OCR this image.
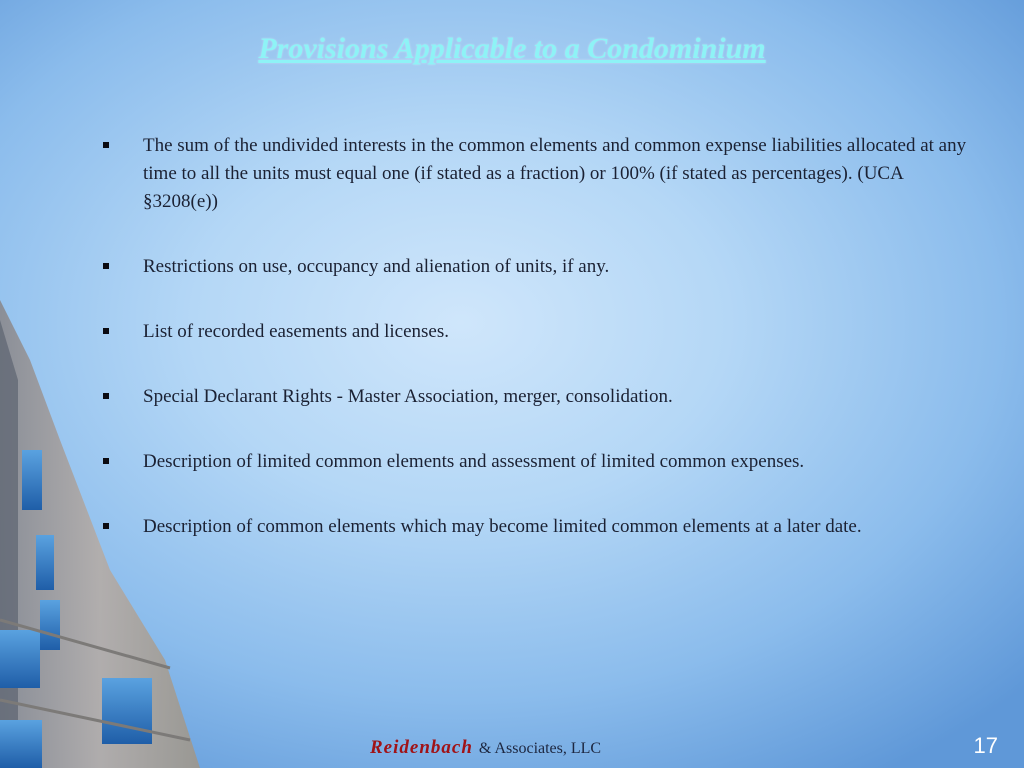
Provisions Applicable to a Condominium
The sum of the undivided interests in the common elements and common expense liabilities allocated at any time to all the units must equal one (if stated as a fraction) or 100% (if stated as percentages). (UCA §3208(e))
Restrictions on use, occupancy and alienation of units, if any.
List of recorded easements and licenses.
Special Declarant Rights - Master Association, merger, consolidation.
Description of limited common elements and assessment of limited common expenses.
Description of common elements which may become limited common elements at a later date.
Reidenbach & Associates, LLC	17
